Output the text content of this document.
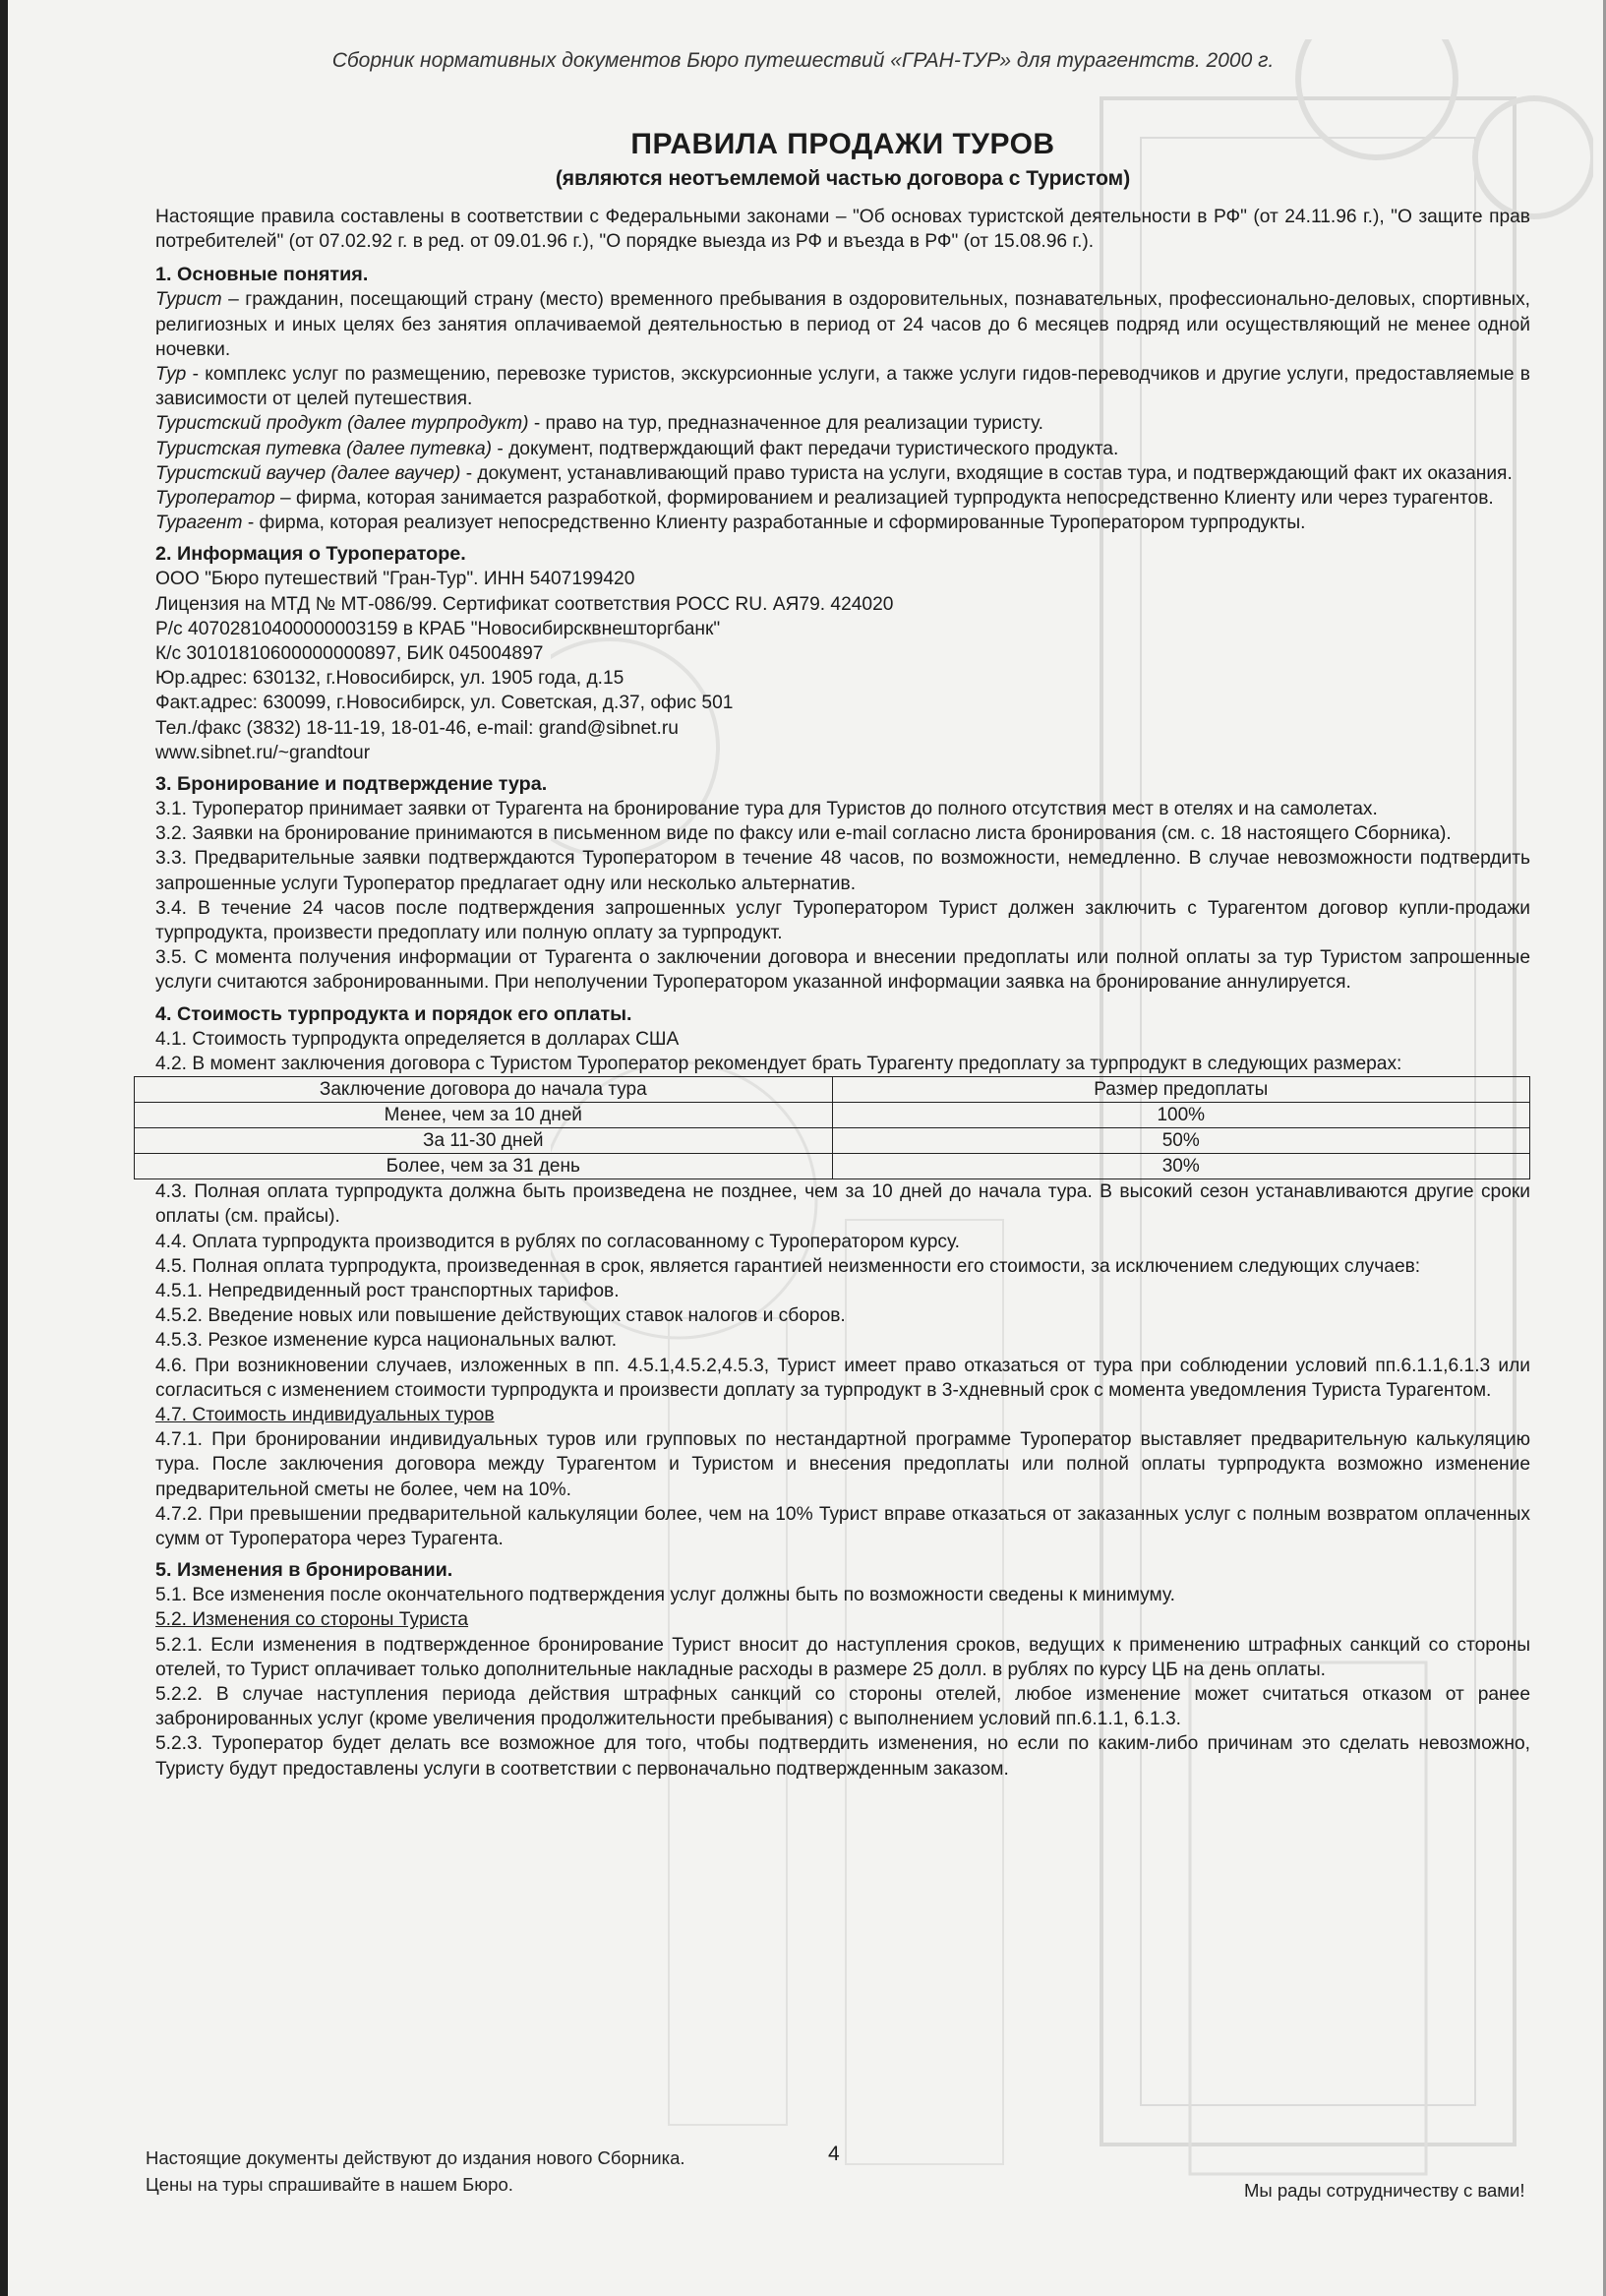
Сборник нормативных документов Бюро путешествий «ГРАН-ТУР» для турагентств. 2000 г.
ПРАВИЛА ПРОДАЖИ ТУРОВ
(являются неотъемлемой частью договора с Туристом)

Настоящие правила составлены в соответствии с Федеральными законами – "Об основах туристской деятельности в РФ" (от 24.11.96 г.), "О защите прав потребителей" (от 07.02.92 г. в ред. от 09.01.96 г.), "О порядке выезда из РФ и въезда в РФ" (от 15.08.96 г.).

1. Основные понятия.

Турист – гражданин, посещающий страну (место) временного пребывания в оздоровительных, познавательных, профессионально-деловых, спортивных, религиозных и иных целях без занятия оплачиваемой деятельностью в период от 24 часов до 6 месяцев подряд или осуществляющий не менее одной ночевки.

Тур - комплекс услуг по размещению, перевозке туристов, экскурсионные услуги, а также услуги гидов-переводчиков и другие услуги, предоставляемые в зависимости от целей путешествия.

Туристский продукт (далее турпродукт) - право на тур, предназначенное для реализации туристу.

Туристская путевка (далее путевка) - документ, подтверждающий факт передачи туристического продукта.

Туристский ваучер (далее ваучер) - документ, устанавливающий право туриста на услуги, входящие в состав тура, и подтверждающий факт их оказания.

Туроператор – фирма, которая занимается разработкой, формированием и реализацией турпродукта непосредственно Клиенту или через турагентов.

Турагент - фирма, которая реализует непосредственно Клиенту разработанные и сформированные Туроператором турпродукты.

2. Информация о Туроператоре.

ООО "Бюро путешествий "Гран-Тур". ИНН 5407199420

Лицензия на МТД № МТ-086/99. Сертификат соответствия РОСС RU. АЯ79. 424020

Р/с 40702810400000003159 в КРАБ "Новосибирсквнешторгбанк"

К/с 30101810600000000897, БИК 045004897

Юр.адрес: 630132, г.Новосибирск, ул. 1905 года, д.15

Факт.адрес: 630099, г.Новосибирск, ул. Советская, д.37, офис 501

Тел./факс (3832) 18-11-19, 18-01-46, e-mail: grand@sibnet.ru

www.sibnet.ru/~grandtour

3. Бронирование и подтверждение тура.

3.1. Туроператор принимает заявки от Турагента на бронирование тура для Туристов до полного отсутствия мест в отелях и на самолетах.

3.2. Заявки на бронирование принимаются в письменном виде по факсу или e-mail согласно листа бронирования (см. с. 18 настоящего Сборника).

3.3. Предварительные заявки подтверждаются Туроператором в течение 48 часов, по возможности, немедленно. В случае невозможности подтвердить запрошенные услуги Туроператор предлагает одну или несколько альтернатив.

3.4. В течение 24 часов после подтверждения запрошенных услуг Туроператором Турист должен заключить с Турагентом договор купли-продажи турпродукта, произвести предоплату или полную оплату за турпродукт.

3.5. С момента получения информации от Турагента о заключении договора и внесении предоплаты или полной оплаты за тур Туристом запрошенные услуги считаются забронированными. При неполучении Туроператором указанной информации заявка на бронирование аннулируется.

4. Стоимость турпродукта и порядок его оплаты.

4.1. Стоимость турпродукта определяется в долларах США

4.2. В момент заключения договора с Туристом Туроператор рекомендует брать Турагенту предоплату за турпродукт в следующих размерах:

Заключение договора до начала тура	Размер предоплаты
Менее, чем за 10 дней	100%
За 11-30 дней	50%
Более, чем за 31 день	30%

4.3. Полная оплата турпродукта должна быть произведена не позднее, чем за 10 дней до начала тура. В высокий сезон устанавливаются другие сроки оплаты (см. прайсы).

4.4. Оплата турпродукта производится в рублях по согласованному с Туроператором курсу.

4.5. Полная оплата турпродукта, произведенная в срок, является гарантией неизменности его стоимости, за исключением следующих случаев:

4.5.1. Непредвиденный рост транспортных тарифов.

4.5.2. Введение новых или повышение действующих ставок налогов и сборов.

4.5.3. Резкое изменение курса национальных валют.

4.6. При возникновении случаев, изложенных в пп. 4.5.1,4.5.2,4.5.3, Турист имеет право отказаться от тура при соблюдении условий пп.6.1.1,6.1.3 или согласиться с изменением стоимости турпродукта и произвести доплату за турпродукт в 3-хдневный срок с момента уведомления Туриста Турагентом.

4.7. Стоимость индивидуальных туров

4.7.1. При бронировании индивидуальных туров или групповых по нестандартной программе Туроператор выставляет предварительную калькуляцию тура. После заключения договора между Турагентом и Туристом и внесения предоплаты или полной оплаты турпродукта возможно изменение предварительной сметы не более, чем на 10%.

4.7.2. При превышении предварительной калькуляции более, чем на 10% Турист вправе отказаться от заказанных услуг с полным возвратом оплаченных сумм от Туроператора через Турагента.

5. Изменения в бронировании.

5.1. Все изменения после окончательного подтверждения услуг должны быть по возможности сведены к минимуму.

5.2. Изменения со стороны Туриста

5.2.1. Если изменения в подтвержденное бронирование Турист вносит до наступления сроков, ведущих к применению штрафных санкций со стороны отелей, то Турист оплачивает только дополнительные накладные расходы в размере 25 долл. в рублях по курсу ЦБ на день оплаты.

5.2.2. В случае наступления периода действия штрафных санкций со стороны отелей, любое изменение может считаться отказом от ранее забронированных услуг (кроме увеличения продолжительности пребывания) с выполнением условий пп.6.1.1, 6.1.3.

5.2.3. Туроператор будет делать все возможное для того, чтобы подтвердить изменения, но если по каким-либо причинам это сделать невозможно, Туристу будут предоставлены услуги в соответствии с первоначально подтвержденным заказом.

Настоящие документы действуют до издания нового Сборника.
Цены на туры спрашивайте в нашем Бюро.
4
Мы рады сотрудничеству с вами!
